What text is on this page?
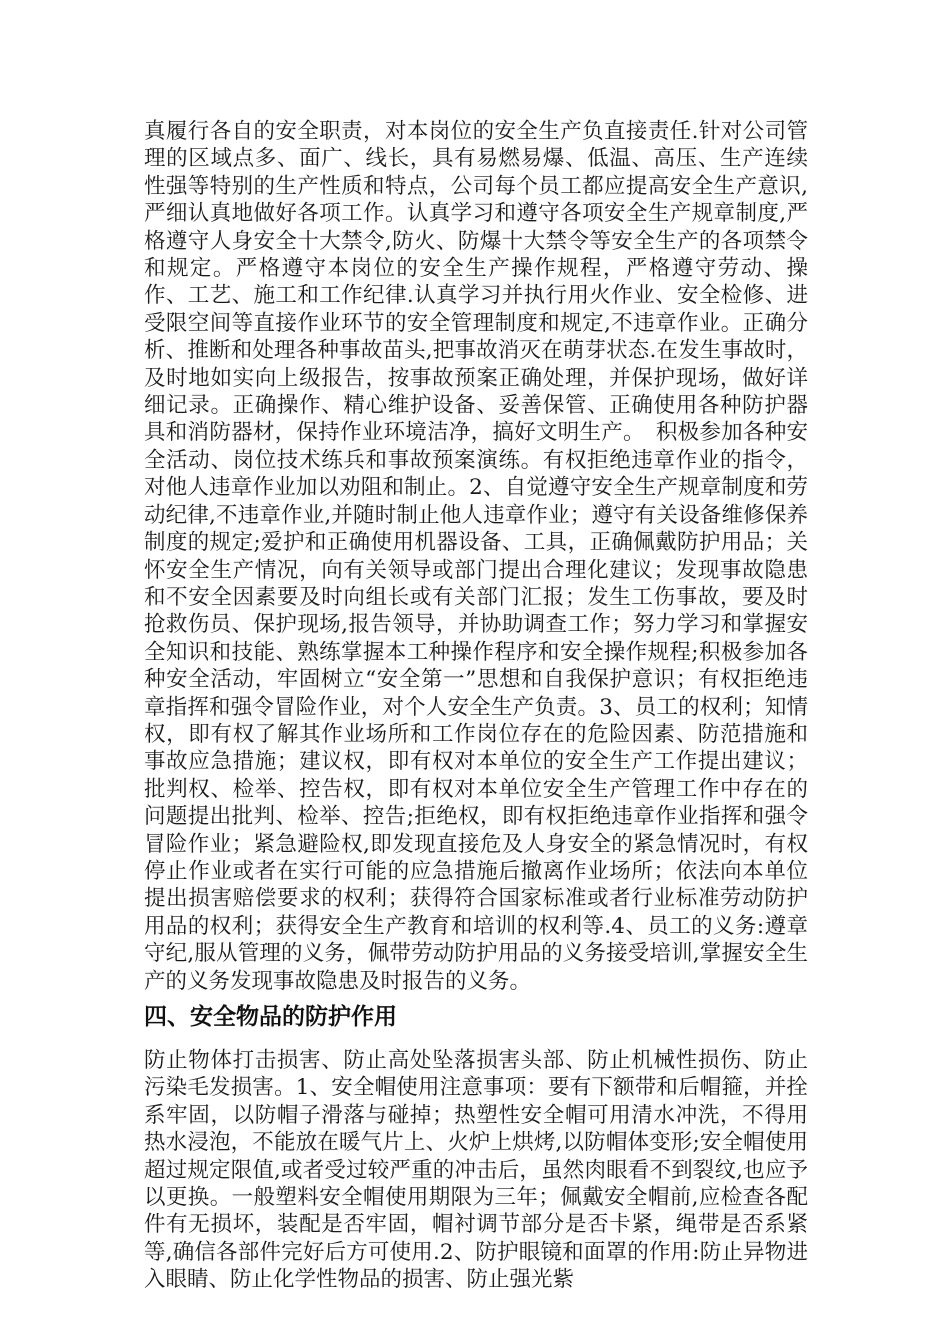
真履行各自的安全职责，对本岗位的安全生产负直接责任.针对公司管理的区域点多、面广、线长，具有易燃易爆、低温、高压、生产连续性强等特别的生产性质和特点，公司每个员工都应提高安全生产意识,严细认真地做好各项工作。认真学习和遵守各项安全生产规章制度,严格遵守人身安全十大禁令,防火、防爆十大禁令等安全生产的各项禁令和规定。严格遵守本岗位的安全生产操作规程，严格遵守劳动、操作、工艺、施工和工作纪律.认真学习并执行用火作业、安全检修、进受限空间等直接作业环节的安全管理制度和规定,不违章作业。正确分析、推断和处理各种事故苗头,把事故消灭在萌芽状态.在发生事故时，及时地如实向上级报告，按事故预案正确处理，并保护现场，做好详细记录。正确操作、精心维护设备、妥善保管、正确使用各种防护器具和消防器材，保持作业环境洁净，搞好文明生产。　积极参加各种安全活动、岗位技术练兵和事故预案演练。有权拒绝违章作业的指令，对他人违章作业加以劝阻和制止。2、自觉遵守安全生产规章制度和劳动纪律,不违章作业,并随时制止他人违章作业；遵守有关设备维修保养制度的规定;爱护和正确使用机器设备、工具，正确佩戴防护用品；关怀安全生产情况，向有关领导或部门提出合理化建议；发现事故隐患和不安全因素要及时向组长或有关部门汇报；发生工伤事故，要及时抢救伤员、保护现场,报告领导，并协助调查工作；努力学习和掌握安全知识和技能、熟练掌握本工种操作程序和安全操作规程;积极参加各种安全活动，牢固树立“安全第一”思想和自我保护意识；有权拒绝违章指挥和强令冒险作业，对个人安全生产负责。3、员工的权利；知情权，即有权了解其作业场所和工作岗位存在的危险因素、防范措施和事故应急措施；建议权，即有权对本单位的安全生产工作提出建议；批判权、检举、控告权，即有权对本单位安全生产管理工作中存在的问题提出批判、检举、控告;拒绝权，即有权拒绝违章作业指挥和强令冒险作业；紧急避险权,即发现直接危及人身安全的紧急情况时，有权停止作业或者在实行可能的应急措施后撤离作业场所；依法向本单位提出损害赔偿要求的权利；获得符合国家标准或者行业标准劳动防护用品的权利；获得安全生产教育和培训的权利等.4、员工的义务:遵章守纪,服从管理的义务，佩带劳动防护用品的义务接受培训,掌握安全生产的义务发现事故隐患及时报告的义务。

四、安全物品的防护作用

防止物体打击损害、防止高处坠落损害头部、防止机械性损伤、防止污染毛发损害。1、安全帽使用注意事项：要有下额带和后帽箍，并拴系牢固，以防帽子滑落与碰掉；热塑性安全帽可用清水冲洗，不得用热水浸泡，不能放在暖气片上、火炉上烘烤,以防帽体变形;安全帽使用超过规定限值,或者受过较严重的冲击后，虽然肉眼看不到裂纹,也应予以更换。一般塑料安全帽使用期限为三年；佩戴安全帽前,应检查各配件有无损坏，装配是否牢固，帽衬调节部分是否卡紧，绳带是否系紧等,确信各部件完好后方可使用.2、防护眼镜和面罩的作用:防止异物进入眼睛、防止化学性物品的损害、防止强光紫
